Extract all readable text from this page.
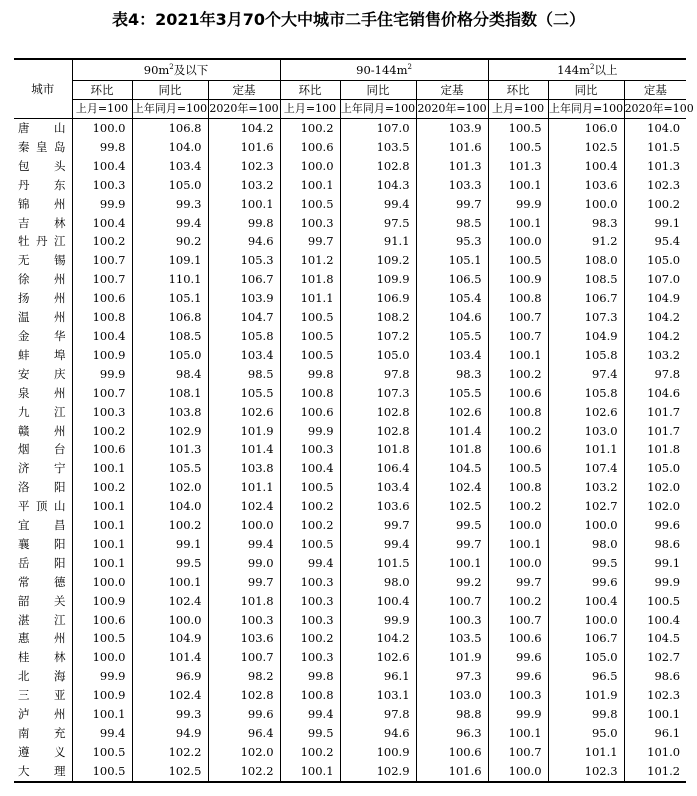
表4：2021年3月70个大中城市二手住宅销售价格分类指数（二）
城市	$90m^2$及以下			$90-144m^2$			$144m^2$以上		
	环比	同比	定基	环比	同比	定基	环比	同比	定基
	上月=100	上年同月=100	2020年=100	上月=100	上年同月=100	2020年=100	上月=100	上年同月=100	2020年=100
唐　山	100.0	106.8	104.2	100.2	107.0	103.9	100.5	106.0	104.0
秦皇岛	99.8	104.0	101.6	100.6	103.5	101.6	100.5	102.5	101.5
包　头	100.4	103.4	102.3	100.0	102.8	101.3	101.3	100.4	101.3
丹　东	100.3	105.0	103.2	100.1	104.3	103.3	100.1	103.6	102.3
锦　州	99.9	99.3	100.1	100.5	99.4	99.7	99.9	100.0	100.2
吉　林	100.4	99.4	99.8	100.3	97.5	98.5	100.1	98.3	99.1
牡丹江	100.2	90.2	94.6	99.7	91.1	95.3	100.0	91.2	95.4
无　锡	100.7	109.1	105.3	101.2	109.2	105.1	100.5	108.0	105.0
徐　州	100.7	110.1	106.7	101.8	109.9	106.5	100.9	108.5	107.0
扬　州	100.6	105.1	103.9	101.1	106.9	105.4	100.8	106.7	104.9
温　州	100.8	106.8	104.7	100.5	108.2	104.6	100.7	107.3	104.2
金　华	100.4	108.5	105.8	100.5	107.2	105.5	100.7	104.9	104.2
蚌　埠	100.9	105.0	103.4	100.5	105.0	103.4	100.1	105.8	103.2
安　庆	99.9	98.4	98.5	99.8	97.8	98.3	100.2	97.4	97.8
泉　州	100.7	108.1	105.5	100.8	107.3	105.5	100.6	105.8	104.6
九　江	100.3	103.8	102.6	100.6	102.8	102.6	100.8	102.6	101.7
赣　州	100.2	102.9	101.9	99.9	102.8	101.4	100.2	103.0	101.7
烟　台	100.6	101.3	101.4	100.3	101.8	101.8	100.6	101.1	101.8
济　宁	100.1	105.5	103.8	100.4	106.4	104.5	100.5	107.4	105.0
洛　阳	100.2	102.0	101.1	100.5	103.4	102.4	100.8	103.2	102.0
平顶山	100.1	104.0	102.4	100.2	103.6	102.5	100.2	102.7	102.0
宜　昌	100.1	100.2	100.0	100.2	99.7	99.5	100.0	100.0	99.6
襄　阳	100.1	99.1	99.4	100.5	99.4	99.7	100.1	98.0	98.6
岳　阳	100.1	99.5	99.0	99.4	101.5	100.1	100.0	99.5	99.1
常　德	100.0	100.1	99.7	100.3	98.0	99.2	99.7	99.6	99.9
韶　关	100.9	102.4	101.8	100.3	100.4	100.7	100.2	100.4	100.5
湛　江	100.6	100.0	100.3	100.3	99.9	100.3	100.7	100.0	100.4
惠　州	100.5	104.9	103.6	100.2	104.2	103.5	100.6	106.7	104.5
桂　林	100.0	101.4	100.7	100.3	102.6	101.9	99.6	105.0	102.7
北　海	99.9	96.9	98.2	99.8	96.1	97.3	99.6	96.5	98.6
三　亚	100.9	102.4	102.8	100.8	103.1	103.0	100.3	101.9	102.3
泸　州	100.1	99.3	99.6	99.4	97.8	98.8	99.9	99.8	100.1
南　充	99.4	94.9	96.4	99.5	94.6	96.3	100.1	95.0	96.1
遵　义	100.5	102.2	102.0	100.2	100.9	100.6	100.7	101.1	101.0
大　理	100.5	102.5	102.2	100.1	102.9	101.6	100.0	102.3	101.2
